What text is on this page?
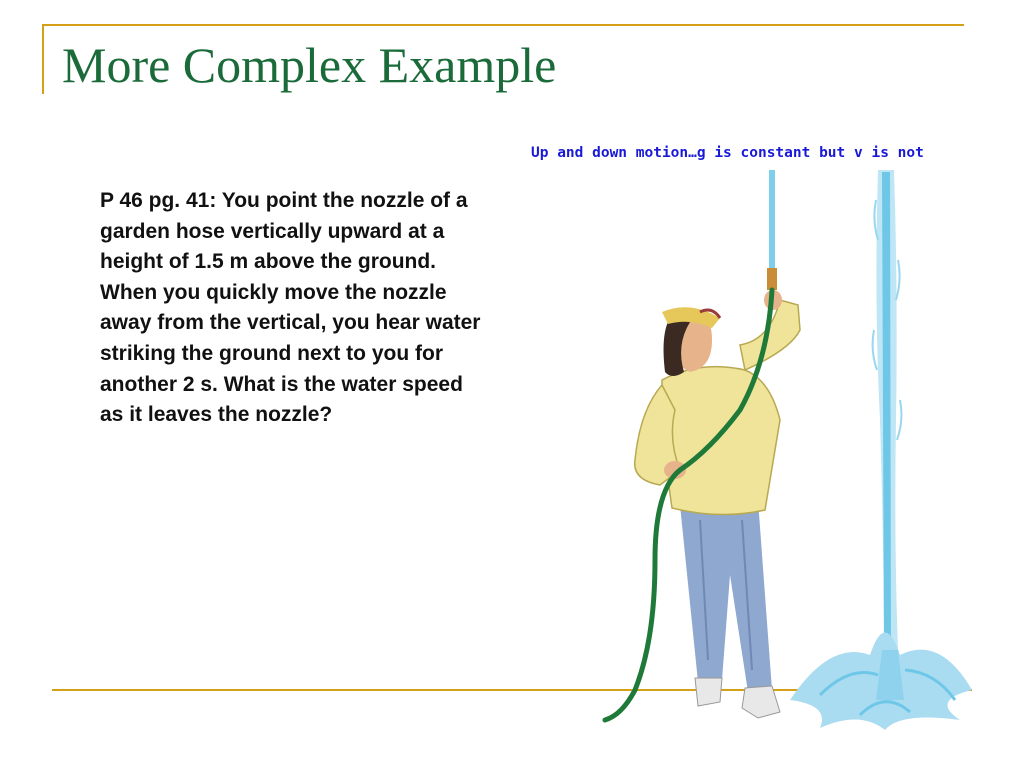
More Complex Example
Up and down motion…g is constant but v is not
P 46 pg. 41: You point the nozzle of a
garden hose vertically upward at a
height of 1.5 m above the ground.
When you quickly move the nozzle
away from the vertical, you hear water
striking the ground next to you for
another 2 s. What is the water speed
as it leaves the nozzle?
